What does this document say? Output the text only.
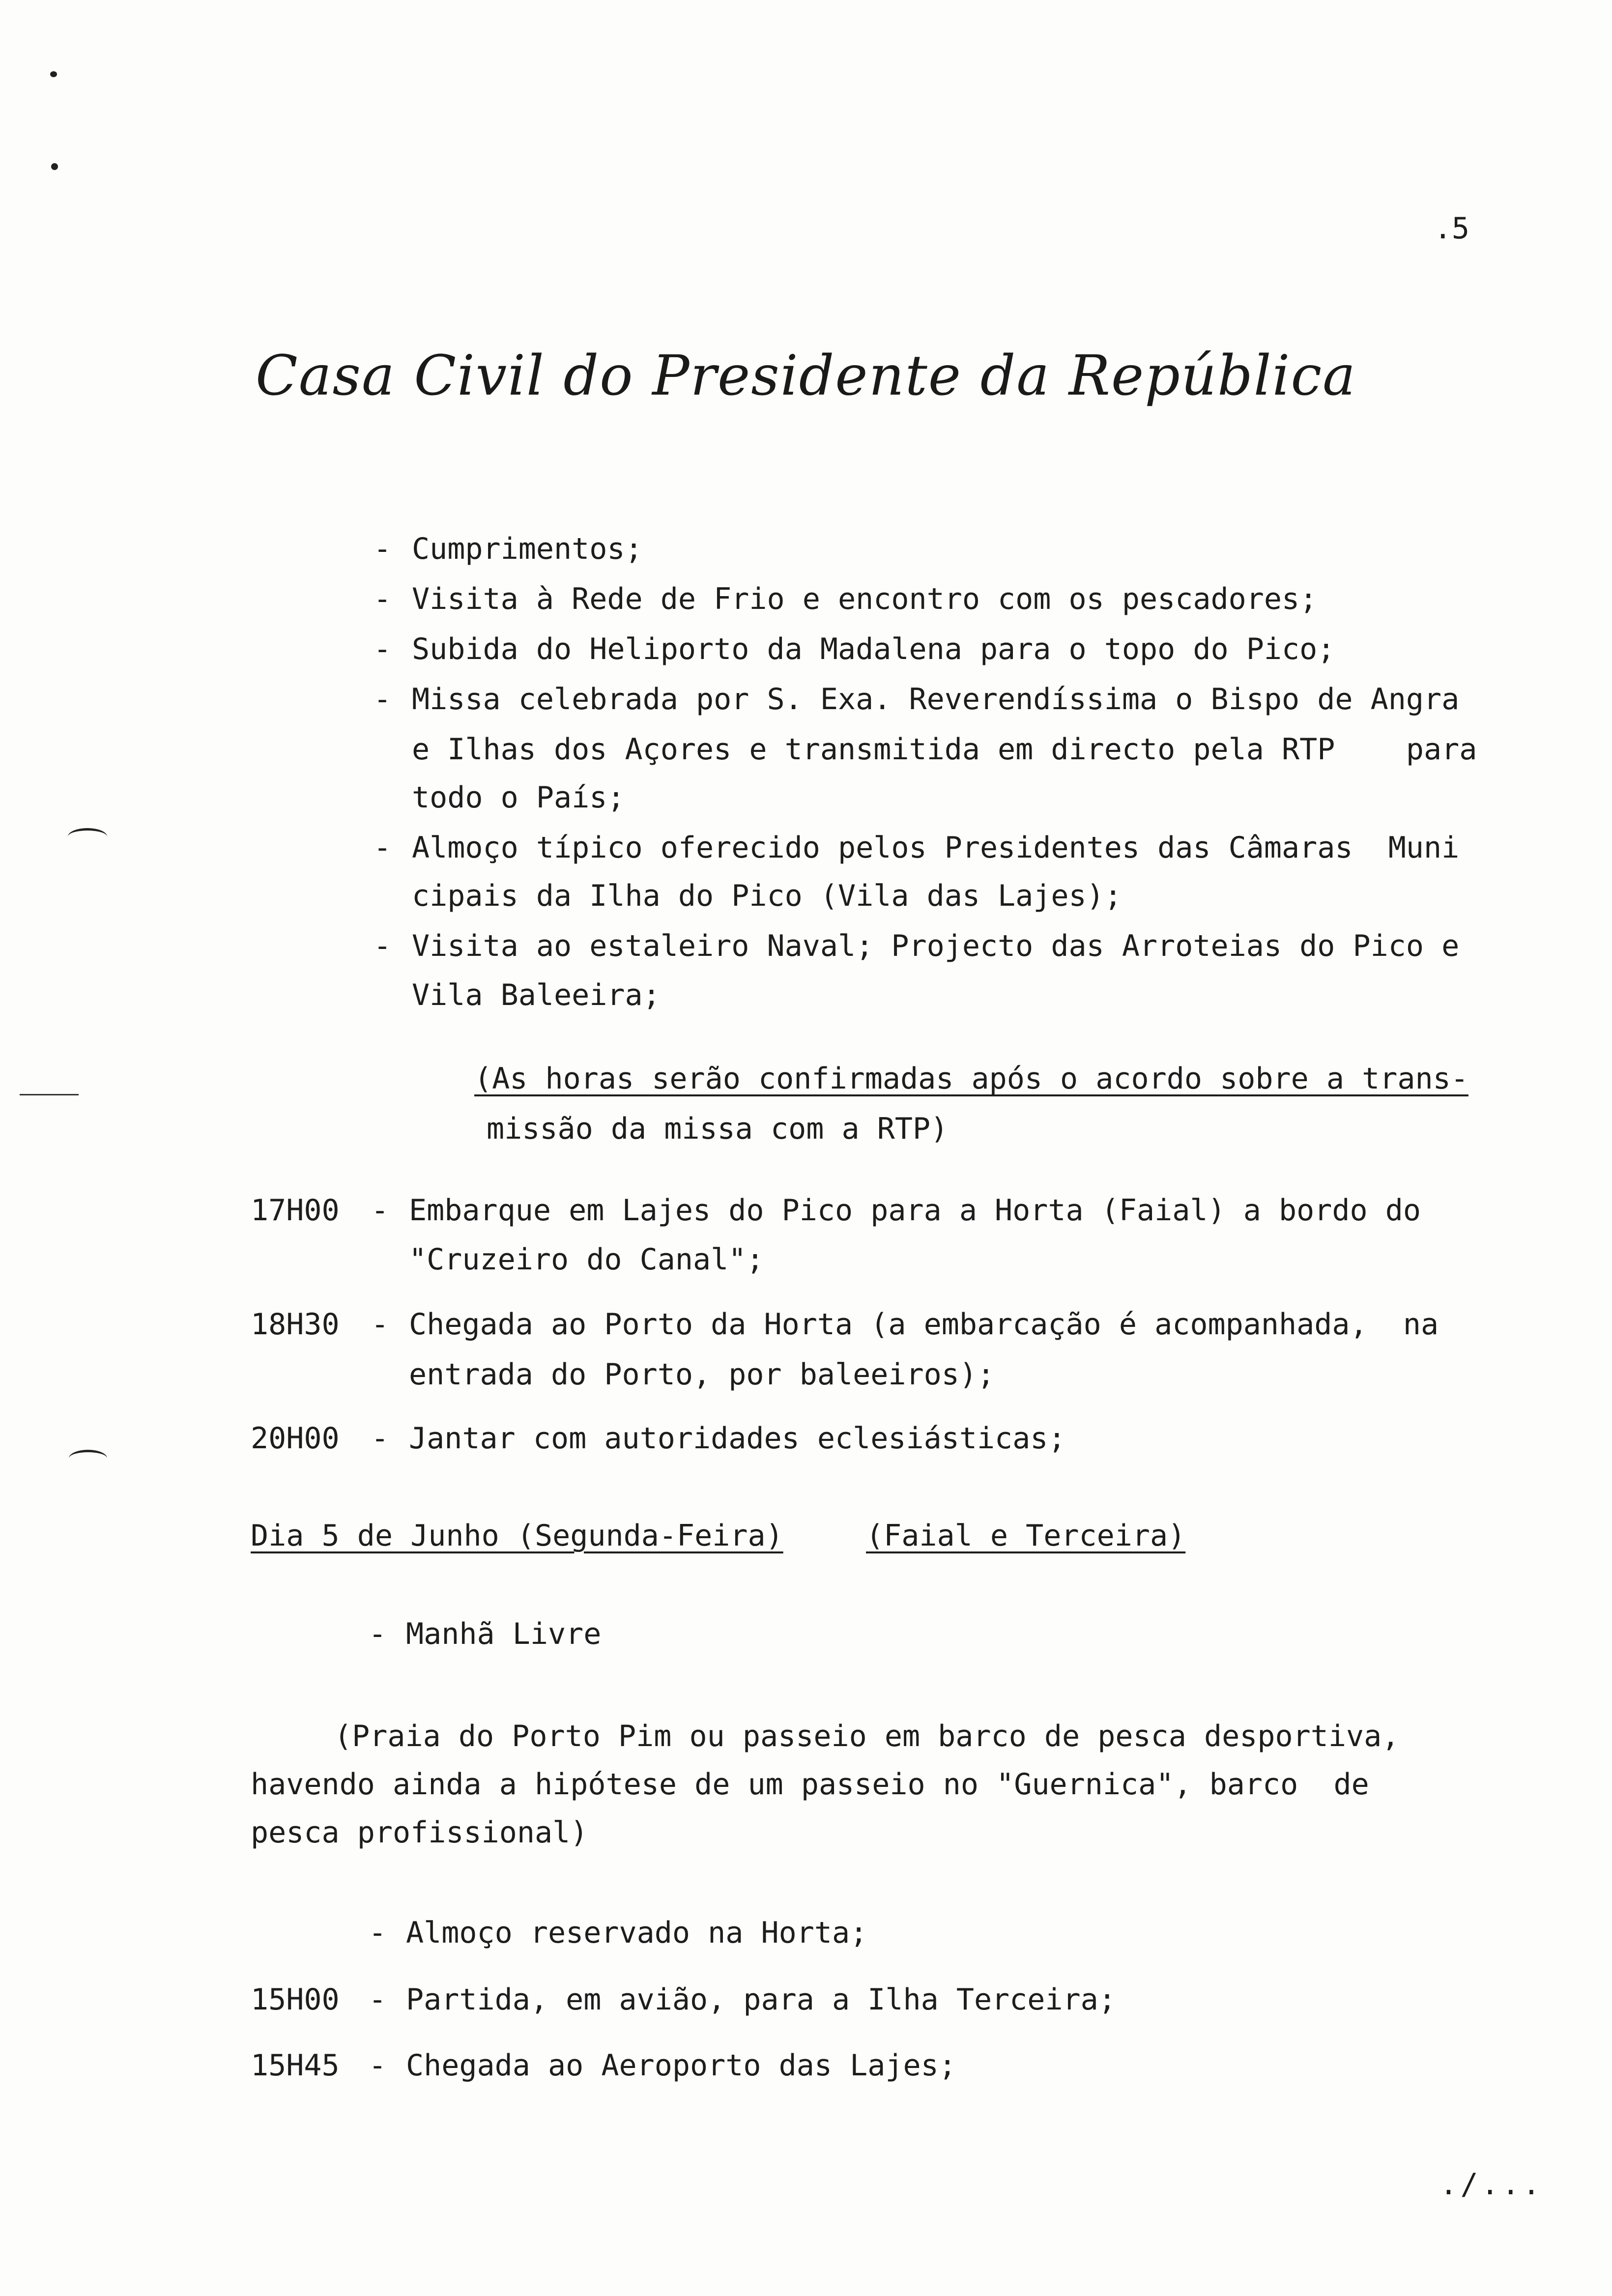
.5
Casa Civil do Presidente da República
- Cumprimentos;
- Visita à Rede de Frio e encontro com os pescadores;
- Subida do Heliporto da Madalena para o topo do Pico;
- Missa celebrada por S. Exa. Reverendíssima o Bispo de Angra
e Ilhas dos Açores e transmitida em directo pela RTP    para
todo o País;
- Almoço típico oferecido pelos Presidentes das Câmaras  Muni
cipais da Ilha do Pico (Vila das Lajes);
- Visita ao estaleiro Naval; Projecto das Arroteias do Pico e
Vila Baleeira;
(As horas serão confirmadas após o acordo sobre a trans-
missão da missa com a RTP)
17H00 - Embarque em Lajes do Pico para a Horta (Faial) a bordo do
"Cruzeiro do Canal";
18H30 - Chegada ao Porto da Horta (a embarcação é acompanhada,  na
entrada do Porto, por baleeiros);
20H00 - Jantar com autoridades eclesiásticas;
Dia 5 de Junho (Segunda-Feira)	(Faial e Terceira)
- Manhã Livre
(Praia do Porto Pim ou passeio em barco de pesca desportiva,
havendo ainda a hipótese de um passeio no "Guernica", barco  de
pesca profissional)
- Almoço reservado na Horta;
15H00 - Partida, em avião, para a Ilha Terceira;
15H45 - Chegada ao Aeroporto das Lajes;
./...
